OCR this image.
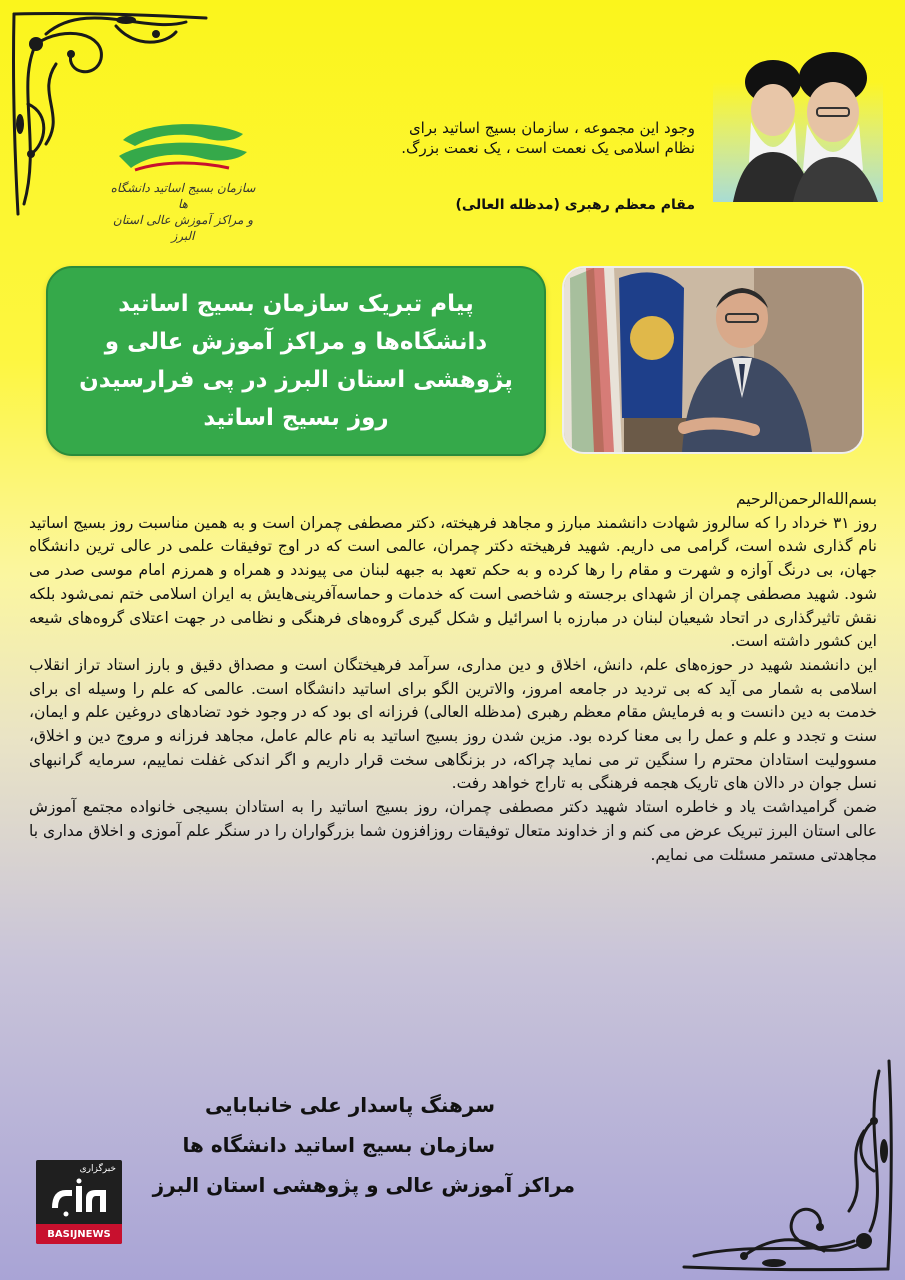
وجود این مجموعه ، سازمان بسیج اساتید برای
نظام اسلامی یک نعمت است ، یک نعمت بزرگ.
مقام معظم رهبری (مدظله العالی)
سازمان بسیج اساتید دانشگاه ها
و مراکز آموزش عالی استان البرز
پیام تبریک سازمان بسیج اساتید
دانشگاه‌ها و مراکز آموزش عالی و
پژوهشی استان البرز در پی فرارسیدن
روز بسیج اساتید

بسم‌الله‌الرحمن‌الرحیم

روز ۳۱ خرداد را که سالروز شهادت دانشمند مبارز و مجاهد فرهیخته، دکتر مصطفی چمران است و به همین مناسبت روز بسیج اساتید نام گذاری شده است، گرامی می داریم. شهید فرهیخته دکتر چمران، عالمی است که در اوج توفیقات علمی در عالی ترین دانشگاه جهان، بی درنگ آوازه و شهرت و مقام را رها کرده و به حکم تعهد به جبهه لبنان می پیوندد و همراه و همرزم امام موسی صدر می شود. شهید مصطفی چمران از شهدای برجسته و شاخصی است که خدمات و حماسه‌آفرینی‌هایش به ایران اسلامی ختم نمی‌شود بلکه نقش تاثیرگذاری در اتحاد شیعیان لبنان در مبارزه با اسرائیل و شکل گیری گروه‌های فرهنگی و نظامی در جهت اعتلای گروه‌های شیعه این کشور داشته است.

این دانشمند شهید در حوزه‌های علم، دانش، اخلاق و دین مداری، سرآمد فرهیختگان است و مصداق دقیق و بارز استاد تراز انقلاب اسلامی به شمار می آید که بی تردید در جامعه امروز، والاترین الگو برای اساتید دانشگاه است. عالمی که علم را وسیله ای برای خدمت به دین دانست و به فرمایش مقام معظم رهبری (مدظله العالی) فرزانه ای بود که در وجود خود تضادهای دروغین علم و ایمان، سنت و تجدد و علم و عمل را بی معنا کرده بود. مزین شدن روز بسیج اساتید به نام عالم عامل، مجاهد فرزانه و مروج دین و اخلاق، مسوولیت استادان محترم را سنگین تر می نماید چراکه، در بزنگاهی سخت قرار داریم و اگر اندکی غفلت نماییم، سرمایه گرانبهای نسل جوان در دالان های تاریک هجمه فرهنگی به تاراج خواهد رفت.

ضمن گرامیداشت یاد و خاطره استاد شهید دکتر مصطفی چمران، روز بسیج اساتید را به استادان بسیجی خانواده مجتمع آموزش عالی استان البرز تبریک عرض می کنم و از خداوند متعال توفیقات روزافزون شما بزرگواران را در سنگر علم آموزی و اخلاق مداری با مجاهدتی مستمر مسئلت می نمایم.

سرهنگ پاسدار علی خانبابایی
سازمان بسیج اساتید دانشگاه ها
مراکز آموزش عالی و پژوهشی استان البرز
خبرگزاری
BASIJNEWS
